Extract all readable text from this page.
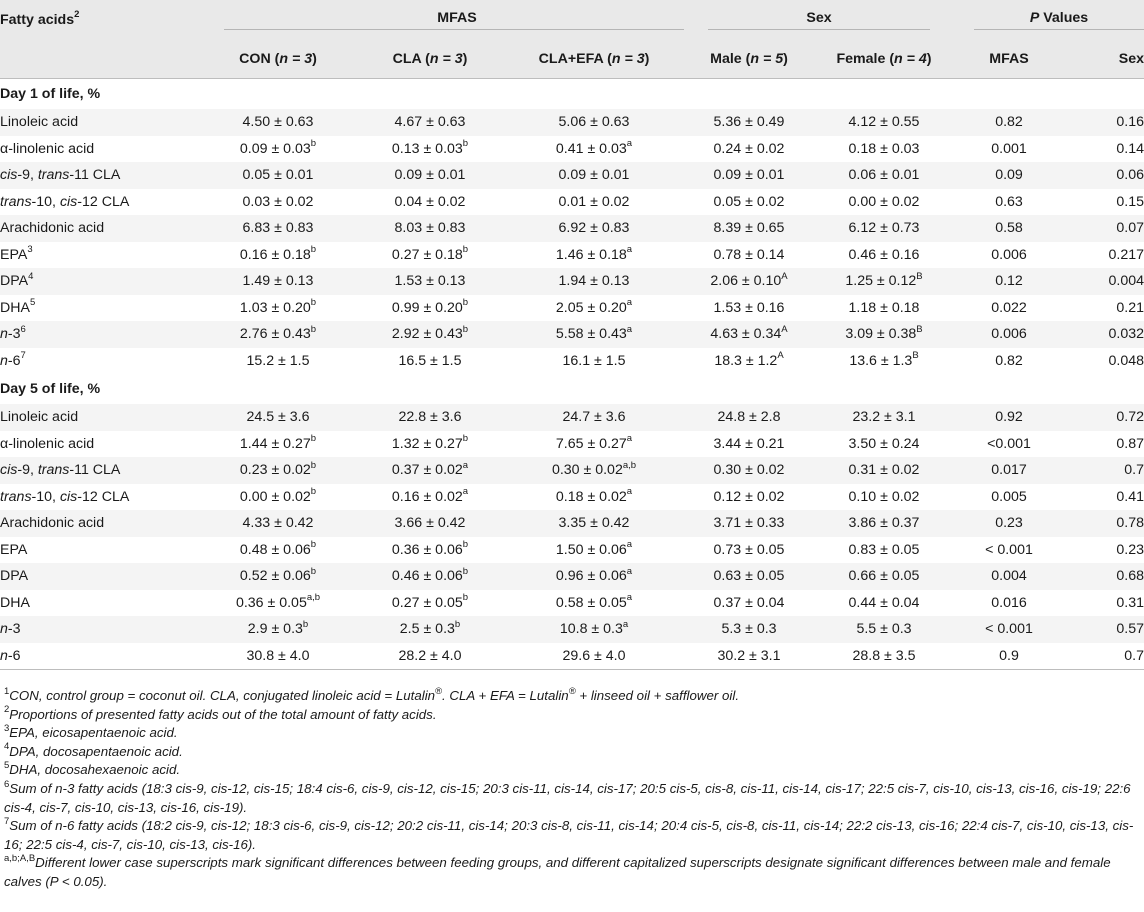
Fatty acids$^2$	MFAS			Sex		P Values	

	CON (n = 3)	CLA (n = 3)	CLA+EFA (n = 3)	Male (n = 5)	Female (n = 4)	MFAS	Sex
Day 1 of life, %							
Linoleic acid	4.50 ± 0.63	4.67 ± 0.63	5.06 ± 0.63	5.36 ± 0.49	4.12 ± 0.55	0.82	0.16
α-linolenic acid	0.09 ± 0.03$^b$	0.13 ± 0.03$^b$	0.41 ± 0.03$^a$	0.24 ± 0.02	0.18 ± 0.03	0.001	0.14
cis-9, trans-11 CLA	0.05 ± 0.01	0.09 ± 0.01	0.09 ± 0.01	0.09 ± 0.01	0.06 ± 0.01	0.09	0.06
trans-10, cis-12 CLA	0.03 ± 0.02	0.04 ± 0.02	0.01 ± 0.02	0.05 ± 0.02	0.00 ± 0.02	0.63	0.15
Arachidonic acid	6.83 ± 0.83	8.03 ± 0.83	6.92 ± 0.83	8.39 ± 0.65	6.12 ± 0.73	0.58	0.07
EPA$^3$	0.16 ± 0.18$^b$	0.27 ± 0.18$^b$	1.46 ± 0.18$^a$	0.78 ± 0.14	0.46 ± 0.16	0.006	0.217
DPA$^4$	1.49 ± 0.13	1.53 ± 0.13	1.94 ± 0.13	$2.06 \pm 0.10^A$	$1.25 \pm 0.12^B$	0.12	0.004
DHA$^5$	1.03 ± 0.20$^b$	0.99 ± 0.20$^b$	2.05 ± 0.20$^a$	1.53 ± 0.16	1.18 ± 0.18	0.022	0.21
$n-3^6$	2.76 ± 0.43$^b$	2.92 ± 0.43$^b$	5.58 ± 0.43$^a$	$4.63 \pm 0.34^A$	$3.09 \pm 0.38^B$	0.006	0.032
$n-6^7$	15.2 ± 1.5	16.5 ± 1.5	16.1 ± 1.5	$18.3 \pm 1.2^A$	$13.6 \pm 1.3^B$	0.82	0.048
Day 5 of life, %							
Linoleic acid	24.5 ± 3.6	22.8 ± 3.6	24.7 ± 3.6	24.8 ± 2.8	23.2 ± 3.1	0.92	0.72
α-linolenic acid	1.44 ± 0.27$^b$	1.32 ± 0.27$^b$	7.65 ± 0.27$^a$	3.44 ± 0.21	3.50 ± 0.24	<0.001	0.87
cis-9, trans-11 CLA	0.23 ± 0.02$^b$	0.37 ± 0.02$^a$	$0.30 \pm 0.02^{a,b}$	0.30 ± 0.02	0.31 ± 0.02	0.017	0.7
trans-10, cis-12 CLA	0.00 ± 0.02$^b$	0.16 ± 0.02$^a$	0.18 ± 0.02$^a$	0.12 ± 0.02	0.10 ± 0.02	0.005	0.41
Arachidonic acid	4.33 ± 0.42	3.66 ± 0.42	3.35 ± 0.42	3.71 ± 0.33	3.86 ± 0.37	0.23	0.78
EPA	0.48 ± 0.06$^b$	0.36 ± 0.06$^b$	1.50 ± 0.06$^a$	0.73 ± 0.05	0.83 ± 0.05	< 0.001	0.23
DPA	0.52 ± 0.06$^b$	0.46 ± 0.06$^b$	0.96 ± 0.06$^a$	0.63 ± 0.05	0.66 ± 0.05	0.004	0.68
DHA	$0.36 \pm 0.05^{a,b}$	0.27 ± 0.05$^b$	0.58 ± 0.05$^a$	0.37 ± 0.04	0.44 ± 0.04	0.016	0.31
n-3	2.9 ± 0.3$^b$	2.5 ± 0.3$^b$	10.8 ± 0.3$^a$	5.3 ± 0.3	5.5 ± 0.3	< 0.001	0.57
n-6	30.8 ± 4.0	28.2 ± 4.0	29.6 ± 4.0	30.2 ± 3.1	28.8 ± 3.5	0.9	0.7

$^1$CON, control group = coconut oil. CLA, conjugated linoleic acid = Lutalin®. CLA + EFA = Lutalin® + linseed oil + safflower oil.

$^2$Proportions of presented fatty acids out of the total amount of fatty acids.

$^3$EPA, eicosapentaenoic acid.

$^4$DPA, docosapentaenoic acid.

$^5$DHA, docosahexaenoic acid.

$^6$Sum of n-3 fatty acids (18:3 cis-9, cis-12, cis-15; 18:4 cis-6, cis-9, cis-12, cis-15; 20:3 cis-11, cis-14, cis-17; 20:5 cis-5, cis-8, cis-11, cis-14, cis-17; 22:5 cis-7, cis-10, cis-13, cis-16, cis-19; 22:6 cis-4, cis-7, cis-10, cis-13, cis-16, cis-19).

$^7$Sum of n-6 fatty acids (18:2 cis-9, cis-12; 18:3 cis-6, cis-9, cis-12; 20:2 cis-11, cis-14; 20:3 cis-8, cis-11, cis-14; 20:4 cis-5, cis-8, cis-11, cis-14; 22:2 cis-13, cis-16; 22:4 cis-7, cis-10, cis-13, cis-16; 22:5 cis-4, cis-7, cis-10, cis-13, cis-16).

$^{a,b;A,B}$Different lower case superscripts mark significant differences between feeding groups, and different capitalized superscripts designate significant differences between male and female calves (P < 0.05).
